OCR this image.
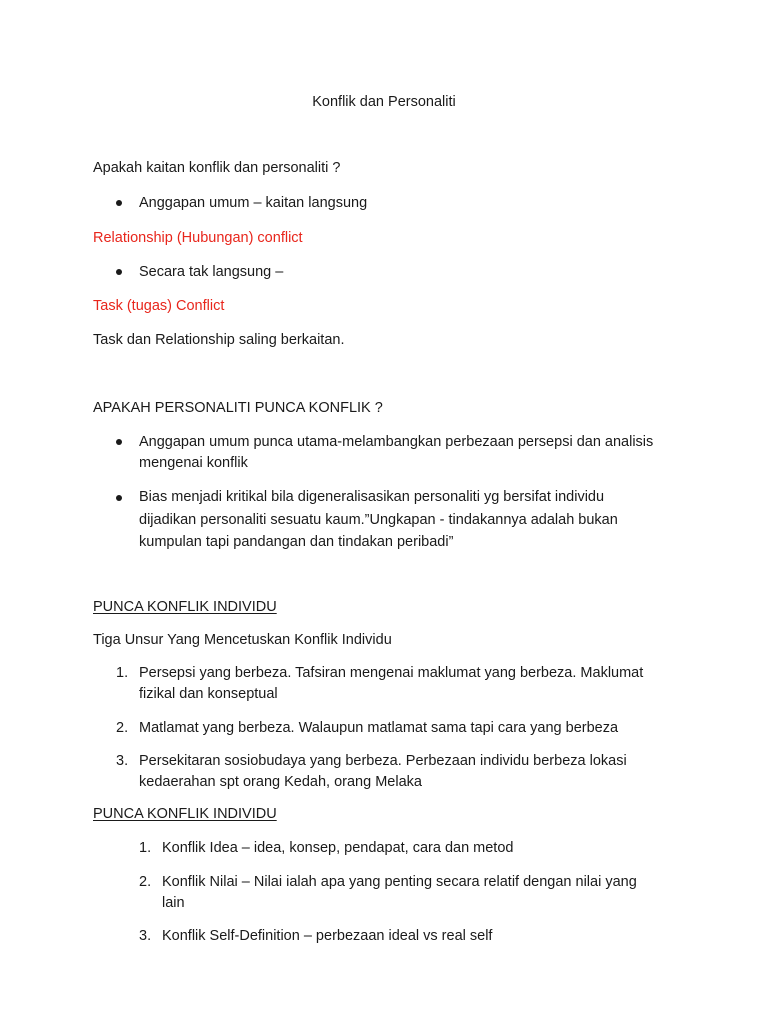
Konflik dan Personaliti
Apakah kaitan konflik dan personaliti ?
Anggapan umum – kaitan langsung
Relationship (Hubungan) conflict
Secara tak langsung –
Task (tugas) Conflict
Task dan Relationship saling berkaitan.
APAKAH PERSONALITI PUNCA KONFLIK ?
Anggapan umum punca utama-melambangkan perbezaan persepsi dan analisis
mengenai konflik
Bias menjadi kritikal bila digeneralisasikan personaliti yg bersifat individu
dijadikan personaliti sesuatu kaum.”Ungkapan - tindakannya adalah bukan
kumpulan tapi pandangan dan tindakan peribadi”
PUNCA KONFLIK INDIVIDU
Tiga Unsur Yang Mencetuskan Konflik Individu
1. Persepsi yang berbeza. Tafsiran mengenai maklumat yang berbeza. Maklumat
fizikal dan konseptual
2. Matlamat yang berbeza. Walaupun matlamat sama tapi cara yang berbeza
3. Persekitaran sosiobudaya yang berbeza. Perbezaan individu berbeza lokasi
kedaerahan spt orang Kedah, orang Melaka
PUNCA KONFLIK INDIVIDU
1. Konflik Idea – idea, konsep, pendapat, cara dan metod
2. Konflik Nilai – Nilai ialah apa yang penting secara relatif dengan nilai yang
lain
3. Konflik Self-Definition – perbezaan ideal vs real self
